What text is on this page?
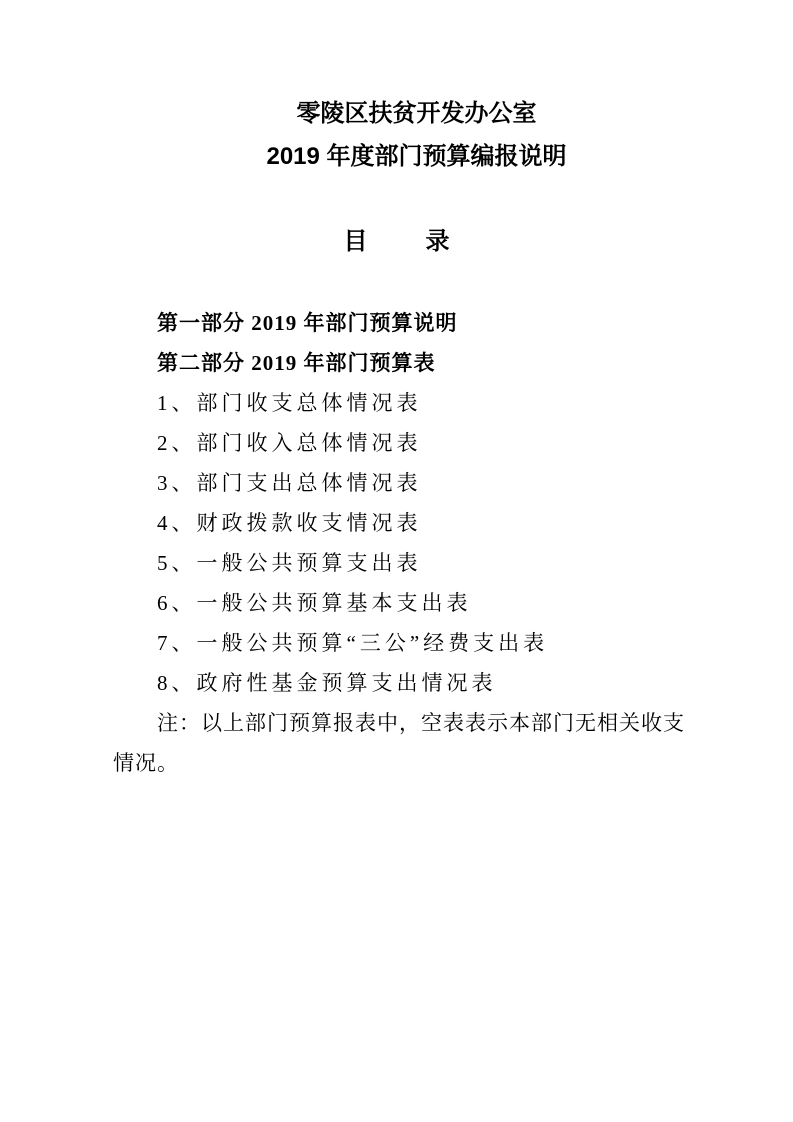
零陵区扶贫开发办公室
2019 年度部门预算编报说明
目 录

第一部分 2019 年部门预算说明

第二部分 2019 年部门预算表

1、部门收支总体情况表

2、部门收入总体情况表

3、部门支出总体情况表

4、财政拨款收支情况表

5、一般公共预算支出表

6、一般公共预算基本支出表

7、一般公共预算“三公”经费支出表

8、政府性基金预算支出情况表

注：以上部门预算报表中，空表表示本部门无相关收支

情况。
